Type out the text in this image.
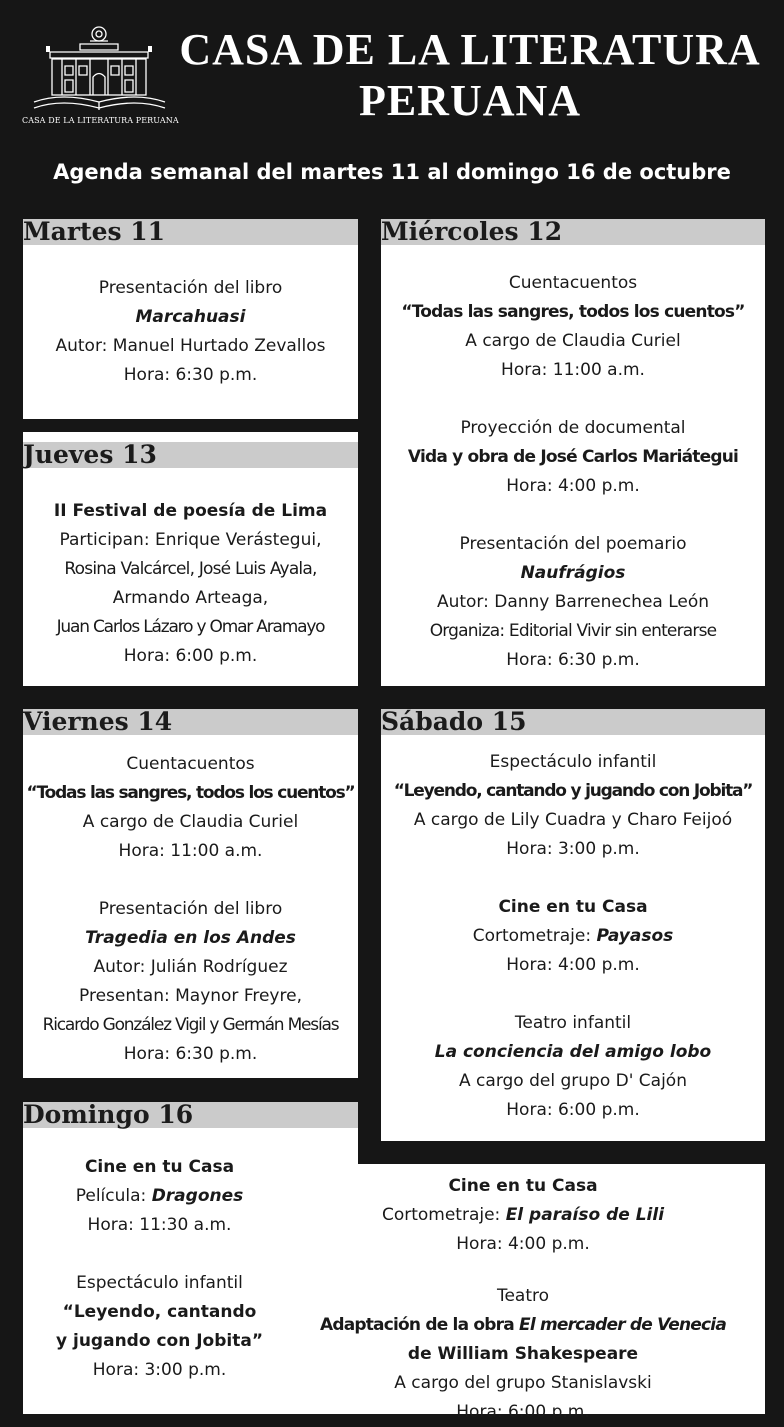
CASA DE LA LITERATURA PERUANA
CASA DE LA LITERATURA
PERUANA
Agenda semanal del martes 11 al domingo 16 de octubre
Martes 11
Presentación del libro
Marcahuasi
Autor: Manuel Hurtado Zevallos
Hora: 6:30 p.m.
Miércoles 12
Cuentacuentos
“Todas las sangres, todos los cuentos”
A cargo de Claudia Curiel
Hora: 11:00 a.m.
Proyección de documental
Vida y obra de José Carlos Mariátegui
Hora: 4:00 p.m.
Presentación del poemario
Naufrágios
Autor: Danny Barrenechea León
Organiza: Editorial Vivir sin enterarse
Hora: 6:30 p.m.
Jueves 13
II Festival de poesía de Lima
Participan: Enrique Verástegui,
Rosina Valcárcel, José Luis Ayala,
Armando Arteaga,
Juan Carlos Lázaro y Omar Aramayo
Hora: 6:00 p.m.
Viernes 14
Cuentacuentos
“Todas las sangres, todos los cuentos”
A cargo de Claudia Curiel
Hora: 11:00 a.m.
Presentación del libro
Tragedia en los Andes
Autor: Julián Rodríguez
Presentan: Maynor Freyre,
Ricardo González Vigil y Germán Mesías
Hora: 6:30 p.m.
Sábado 15
Espectáculo infantil
“Leyendo, cantando y jugando con Jobita”
A cargo de Lily Cuadra y Charo Feijoó
Hora: 3:00 p.m.
Cine en tu Casa
Cortometraje: Payasos
Hora: 4:00 p.m.
Teatro infantil
La conciencia del amigo lobo
A cargo del grupo D' Cajón
Hora: 6:00 p.m.
Domingo 16
Cine en tu Casa
Película: Dragones
Hora: 11:30 a.m.
Espectáculo infantil
“Leyendo, cantando
y jugando con Jobita”
Hora: 3:00 p.m.
Cine en tu Casa
Cortometraje: El paraíso de Lili
Hora: 4:00 p.m.
Teatro
Adaptación de la obra El mercader de Venecia
de William Shakespeare
A cargo del grupo Stanislavski
Hora: 6:00 p.m.
